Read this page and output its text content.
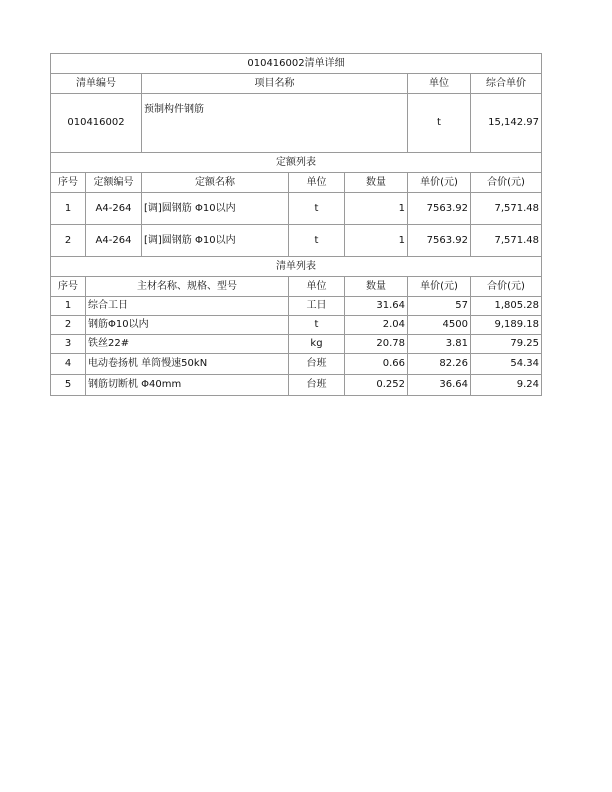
010416002清单详细						
清单编号		项目名称			单位	综合单价
010416002		预制构件钢筋			t	15,142.97
定额列表						
序号	定额编号	定额名称	单位	数量	单价(元)	合价(元)
1	A4-264	[调]圆钢筋 Φ10以内	t	1	7563.92	7,571.48
2	A4-264	[调]圆钢筋 Φ10以内	t	1	7563.92	7,571.48
清单列表						
序号	主材名称、规格、型号		单位	数量	单价(元)	合价(元)
1	综合工日		工日	31.64	57	1,805.28
2	钢筋Φ10以内		t	2.04	4500	9,189.18
3	铁丝22#		kg	20.78	3.81	79.25
4	电动卷扬机 单筒慢速50kN		台班	0.66	82.26	54.34
5	钢筋切断机 Φ40mm		台班	0.252	36.64	9.24
